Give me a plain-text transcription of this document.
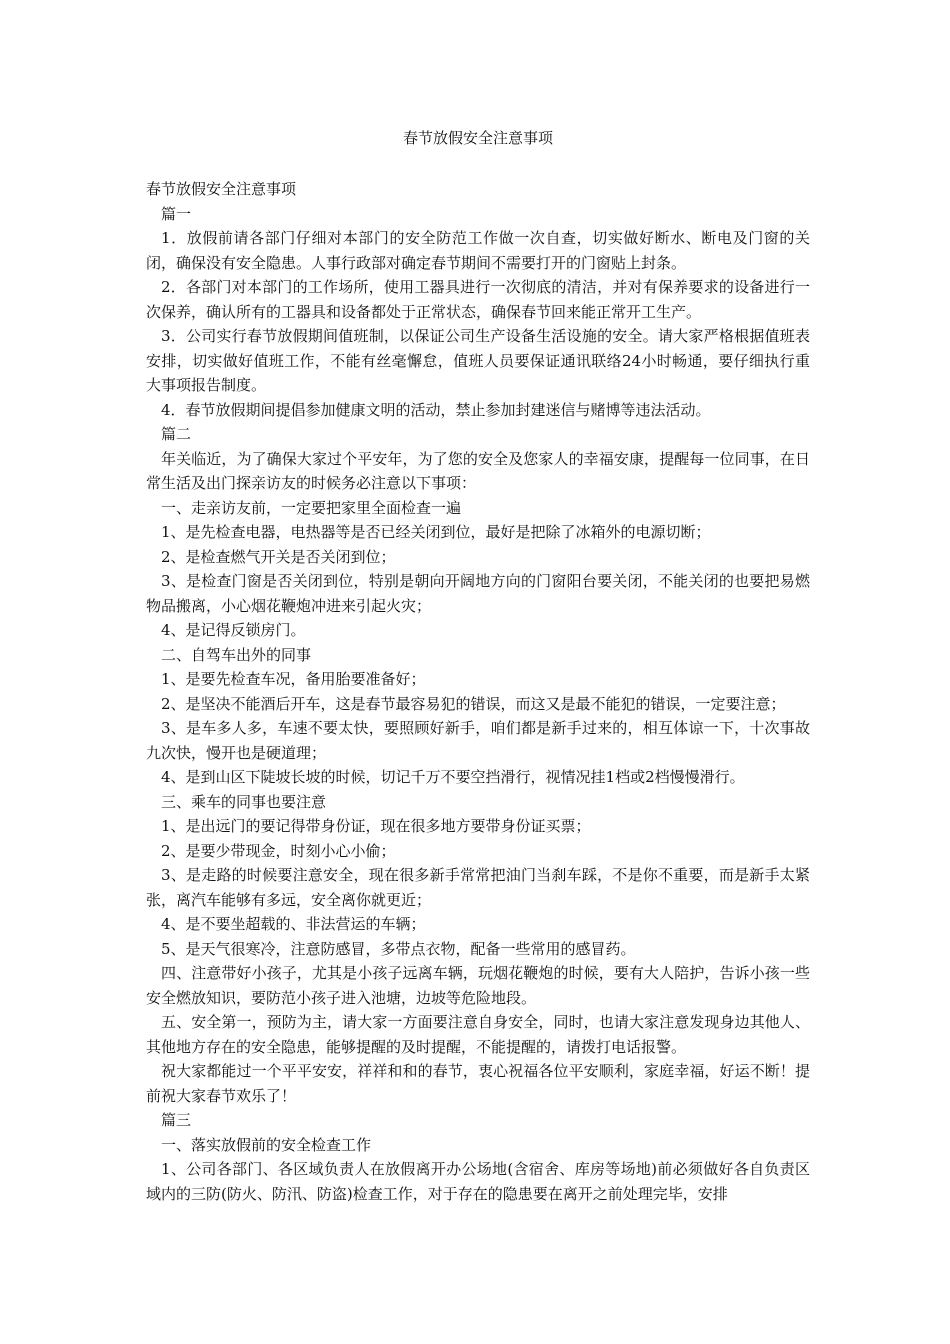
春节放假安全注意事项

春节放假安全注意事项

篇一

1．放假前请各部门仔细对本部门的安全防范工作做一次自查，切实做好断水、断电及门窗的关闭，确保没有安全隐患。人事行政部对确定春节期间不需要打开的门窗贴上封条。

2．各部门对本部门的工作场所，使用工器具进行一次彻底的清洁，并对有保养要求的设备进行一次保养，确认所有的工器具和设备都处于正常状态，确保春节回来能正常开工生产。

3．公司实行春节放假期间值班制，以保证公司生产设备生活设施的安全。请大家严格根据值班表安排，切实做好值班工作，不能有丝毫懈怠，值班人员要保证通讯联络24小时畅通，要仔细执行重大事项报告制度。

4．春节放假期间提倡参加健康文明的活动，禁止参加封建迷信与赌博等违法活动。

篇二

年关临近，为了确保大家过个平安年，为了您的安全及您家人的幸福安康，提醒每一位同事，在日常生活及出门探亲访友的时候务必注意以下事项：

一、走亲访友前，一定要把家里全面检查一遍

1、是先检查电器，电热器等是否已经关闭到位，最好是把除了冰箱外的电源切断；

2、是检查燃气开关是否关闭到位；

3、是检查门窗是否关闭到位，特别是朝向开阔地方向的门窗阳台要关闭，不能关闭的也要把易燃物品搬离，小心烟花鞭炮冲进来引起火灾；

4、是记得反锁房门。

二、自驾车出外的同事

1、是要先检查车况，备用胎要准备好；

2、是坚决不能酒后开车，这是春节最容易犯的错误，而这又是最不能犯的错误，一定要注意；

3、是车多人多，车速不要太快，要照顾好新手，咱们都是新手过来的，相互体谅一下，十次事故九次快，慢开也是硬道理；

4、是到山区下陡坡长坡的时候，切记千万不要空挡滑行，视情况挂1档或2档慢慢滑行。

三、乘车的同事也要注意

1、是出远门的要记得带身份证，现在很多地方要带身份证买票；

2、是要少带现金，时刻小心小偷；

3、是走路的时候要注意安全，现在很多新手常常把油门当刹车踩，不是你不重要，而是新手太紧张，离汽车能够有多远，安全离你就更近；

4、是不要坐超载的、非法营运的车辆；

5、是天气很寒冷，注意防感冒，多带点衣物，配备一些常用的感冒药。

四、注意带好小孩子，尤其是小孩子远离车辆，玩烟花鞭炮的时候，要有大人陪护，告诉小孩一些安全燃放知识，要防范小孩子进入池塘，边坡等危险地段。

五、安全第一，预防为主，请大家一方面要注意自身安全，同时，也请大家注意发现身边其他人、其他地方存在的安全隐患，能够提醒的及时提醒，不能提醒的，请拨打电话报警。

祝大家都能过一个平平安安，祥祥和和的春节，衷心祝福各位平安顺利，家庭幸福，好运不断！提前祝大家春节欢乐了！

篇三

一、落实放假前的安全检查工作

1、公司各部门、各区域负责人在放假离开办公场地(含宿舍、库房等场地)前必须做好各自负责区域内的三防(防火、防汛、防盗)检查工作，对于存在的隐患要在离开之前处理完毕，安排
